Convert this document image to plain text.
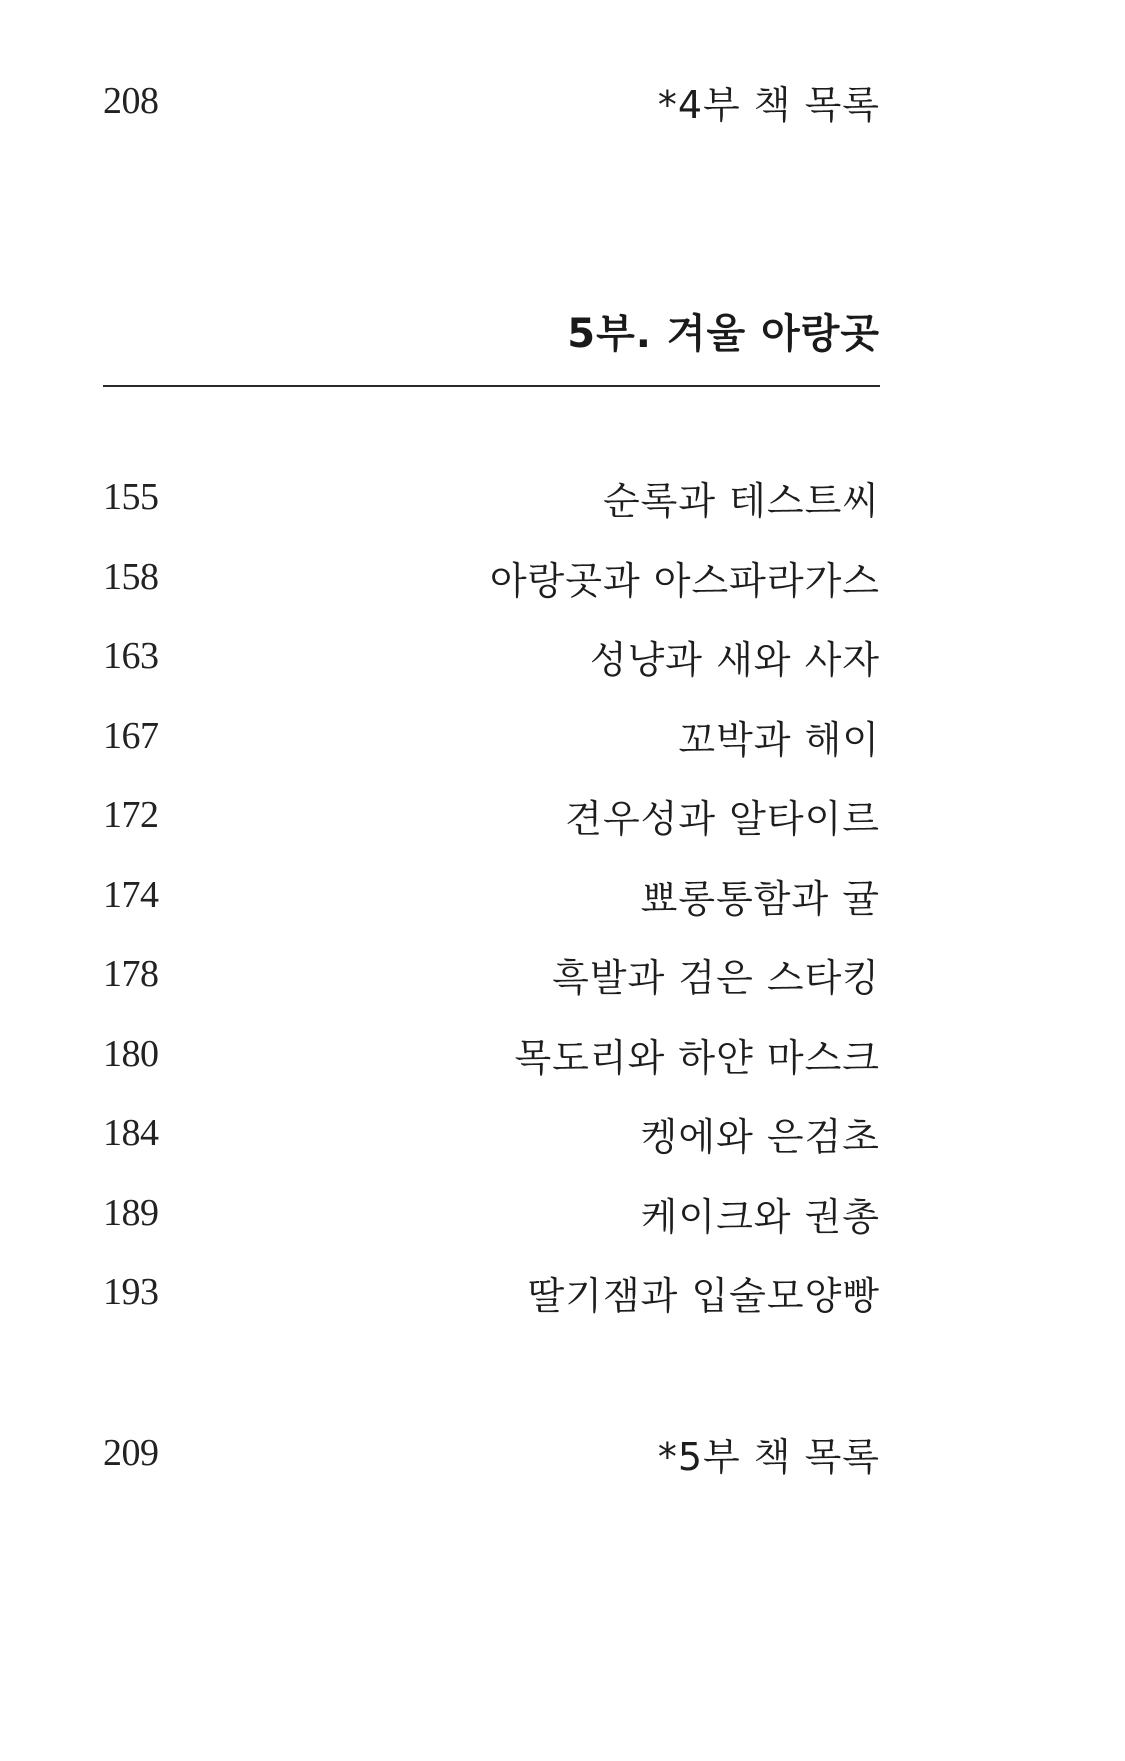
208	*4부 책 목록
5부. 겨울 아랑곳
155	순록과 테스트씨
158	아랑곳과 아스파라가스
163	성냥과 새와 사자
167	꼬박과 해이
172	견우성과 알타이르
174	뾰롱통함과 귤
178	흑발과 검은 스타킹
180	목도리와 하얀 마스크
184	켕에와 은검초
189	케이크와 권총
193	딸기잼과 입술모양빵
209	*5부 책 목록
